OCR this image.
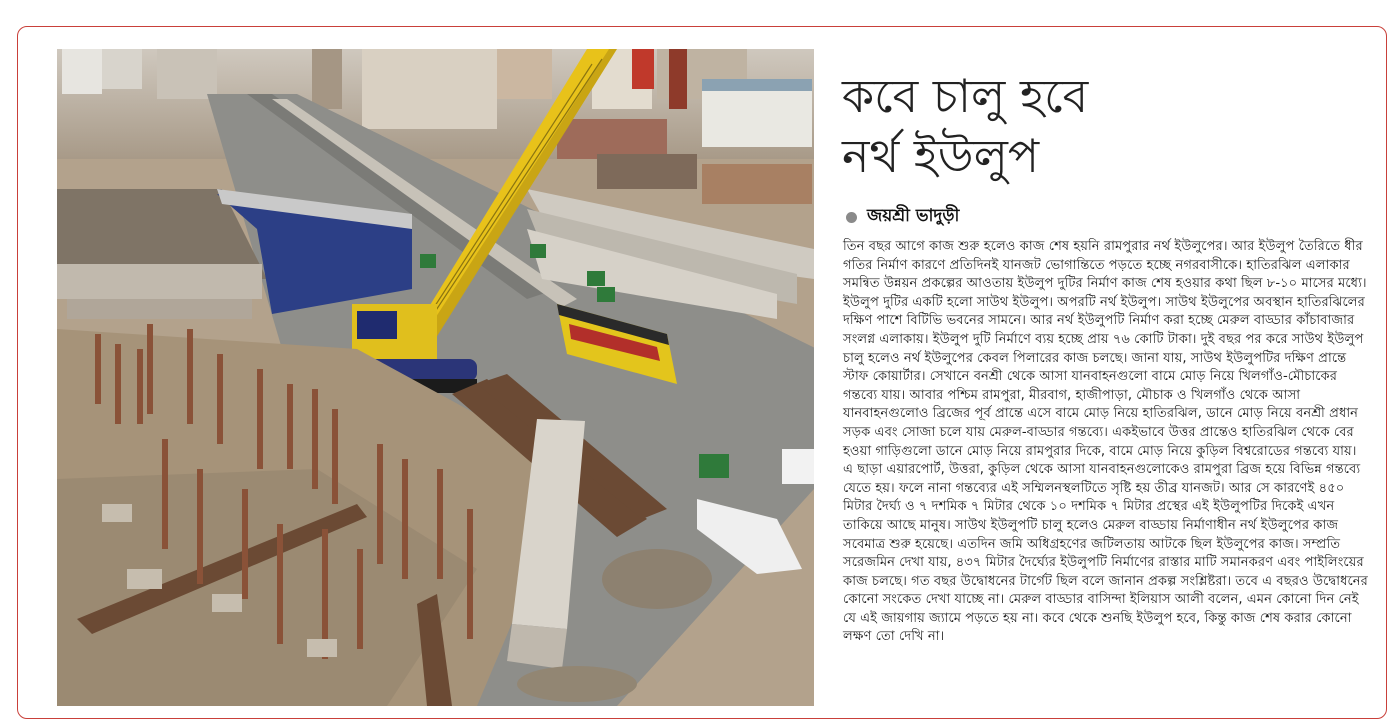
কবে চালু হবে
নর্থ ইউলুপ
জয়শ্রী ভাদুড়ী

তিন বছর আগে কাজ শুরু হলেও কাজ শেষ হয়নি রামপুরার নর্থ ইউলুপের। আর ইউলুপ তৈরিতে ধীর গতির নির্মাণ কারণে প্রতিদিনই যানজট ভোগান্তিতে পড়তে হচ্ছে নগরবাসীকে। হাতিরঝিল এলাকার সমন্বিত উন্নয়ন প্রকল্পের আওতায় ইউলুপ দুটির নির্মাণ কাজ শেষ হওয়ার কথা ছিল ৮-১০ মাসের মধ্যে। ইউলুপ দুটির একটি হলো সাউথ ইউলুপ। অপরটি নর্থ ইউলুপ। সাউথ ইউলুপের অবস্থান হাতিরঝিলের দক্ষিণ পাশে বিটিভি ভবনের সামনে। আর নর্থ ইউলুপটি নির্মাণ করা হচ্ছে মেরুল বাড্ডার কাঁচাবাজার সংলগ্ন এলাকায়। ইউলুপ দুটি নির্মাণে ব্যয় হচ্ছে প্রায় ৭৬ কোটি টাকা। দুই বছর পর করে সাউথ ইউলুপ চালু হলেও নর্থ ইউলুপের কেবল পিলারের কাজ চলছে। জানা যায়, সাউথ ইউলুপটির দক্ষিণ প্রান্তে স্টাফ কোয়ার্টার। সেখানে বনশ্রী থেকে আসা যানবাহনগুলো বামে মোড় নিয়ে খিলগাঁও-মৌচাকের গন্তব্যে যায়। আবার পশ্চিম রামপুরা, মীরবাগ, হাজীপাড়া, মৌচাক ও খিলগাঁও থেকে আসা যানবাহনগুলোও ব্রিজের পূর্ব প্রান্তে এসে বামে মোড় নিয়ে হাতিরঝিল, ডানে মোড় নিয়ে বনশ্রী প্রধান সড়ক এবং সোজা চলে যায় মেরুল-বাড্ডার গন্তব্যে। একইভাবে উত্তর প্রান্তেও হাতিরঝিল থেকে বের হওয়া গাড়িগুলো ডানে মোড় নিয়ে রামপুরার দিকে, বামে মোড় নিয়ে কুড়িল বিশ্বরোডের গন্তব্যে যায়। এ ছাড়া এয়ারপোর্ট, উত্তরা, কুড়িল থেকে আসা যানবাহনগুলোকেও রামপুরা ব্রিজ হয়ে বিভিন্ন গন্তব্যে যেতে হয়। ফলে নানা গন্তব্যের এই সম্মিলনস্থলটিতে সৃষ্টি হয় তীব্র যানজট। আর সে কারণেই ৪৫০ মিটার দৈর্ঘ্য ও ৭ দশমিক ৭ মিটার থেকে ১০ দশমিক ৭ মিটার প্রস্থের এই ইউলুপটির দিকেই এখন তাকিয়ে আছে মানুষ। সাউথ ইউলুপটি চালু হলেও মেরুল বাড্ডায় নির্মাণাধীন নর্থ ইউলুপের কাজ সবেমাত্র শুরু হয়েছে। এতদিন জমি অধিগ্রহণের জটিলতায় আটকে ছিল ইউলুপের কাজ। সম্প্রতি সরেজমিন দেখা যায়, ৪৩৭ মিটার দৈর্ঘ্যের ইউলুপটি নির্মাণের রাস্তার মাটি সমানকরণ এবং পাইলিংয়ের কাজ চলছে। গত বছর উদ্বোধনের টার্গেট ছিল বলে জানান প্রকল্প সংশ্লিষ্টরা। তবে এ বছরও উদ্বোধনের কোনো সংকেত দেখা যাচ্ছে না। মেরুল বাড্ডার বাসিন্দা ইলিয়াস আলী বলেন, এমন কোনো দিন নেই যে এই জায়গায় জ্যামে পড়তে হয় না। কবে থেকে শুনছি ইউলুপ হবে, কিন্তু কাজ শেষ করার কোনো লক্ষণ তো দেখি না।
